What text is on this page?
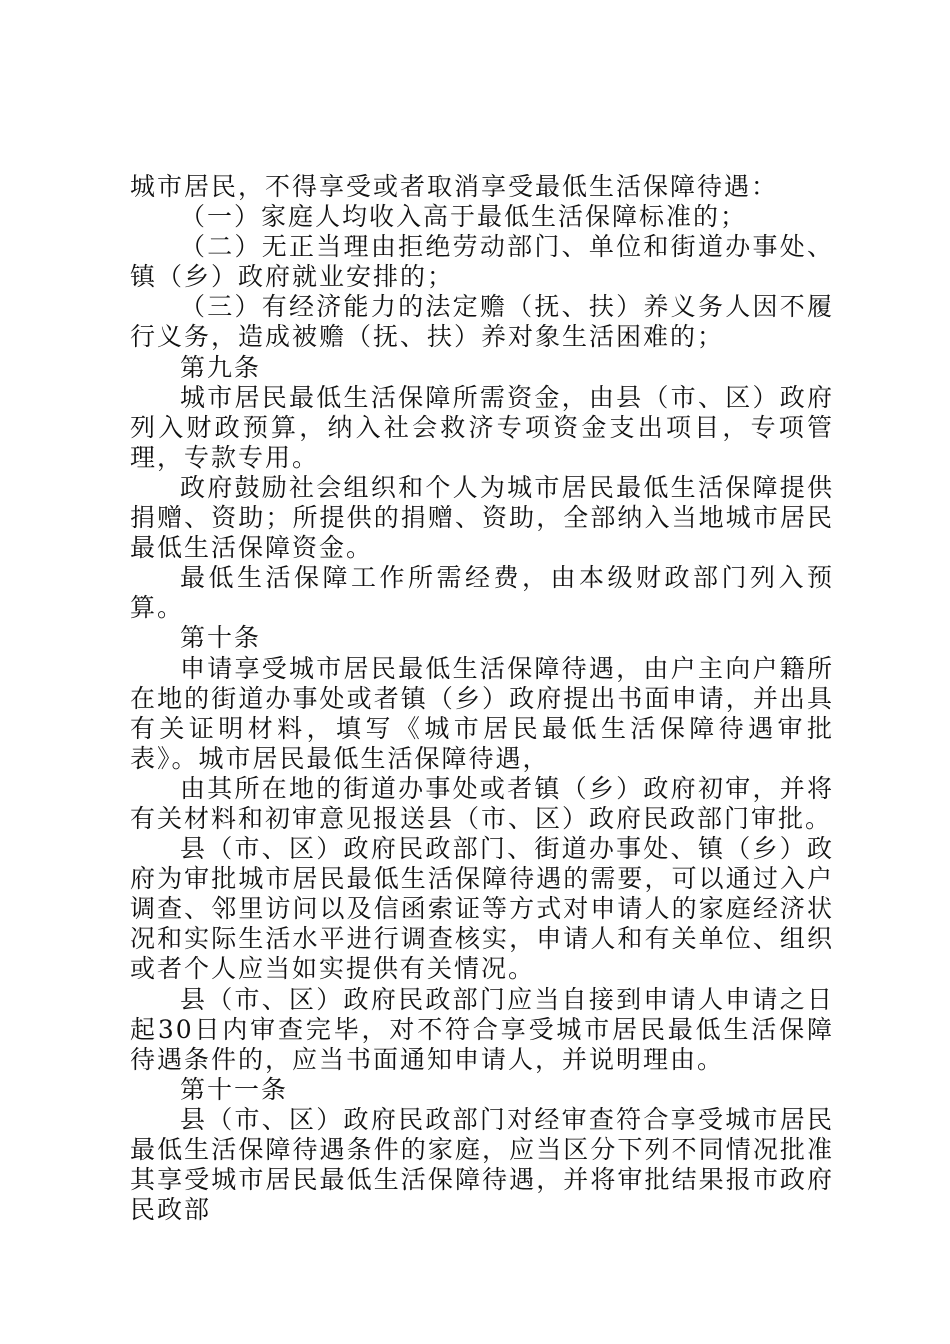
城市居民，不得享受或者取消享受最低生活保障待遇：

（一）家庭人均收入高于最低生活保障标准的；

（二）无正当理由拒绝劳动部门、单位和街道办事处、镇（乡）政府就业安排的；

（三）有经济能力的法定赡（抚、扶）养义务人因不履行义务，造成被赡（抚、扶）养对象生活困难的；

第九条

城市居民最低生活保障所需资金，由县（市、区）政府列入财政预算，纳入社会救济专项资金支出项目，专项管理，专款专用。

政府鼓励社会组织和个人为城市居民最低生活保障提供捐赠、资助；所提供的捐赠、资助，全部纳入当地城市居民最低生活保障资金。

最低生活保障工作所需经费，由本级财政部门列入预算。

第十条

申请享受城市居民最低生活保障待遇，由户主向户籍所在地的街道办事处或者镇（乡）政府提出书面申请，并出具有关证明材料，填写《城市居民最低生活保障待遇审批表》。城市居民最低生活保障待遇，

由其所在地的街道办事处或者镇（乡）政府初审，并将有关材料和初审意见报送县（市、区）政府民政部门审批。

县（市、区）政府民政部门、街道办事处、镇（乡）政府为审批城市居民最低生活保障待遇的需要，可以通过入户调查、邻里访问以及信函索证等方式对申请人的家庭经济状况和实际生活水平进行调查核实，申请人和有关单位、组织或者个人应当如实提供有关情况。

县（市、区）政府民政部门应当自接到申请人申请之日起30日内审查完毕，对不符合享受城市居民最低生活保障待遇条件的，应当书面通知申请人，并说明理由。

第十一条

县（市、区）政府民政部门对经审查符合享受城市居民最低生活保障待遇条件的家庭，应当区分下列不同情况批准其享受城市居民最低生活保障待遇，并将审批结果报市政府民政部
